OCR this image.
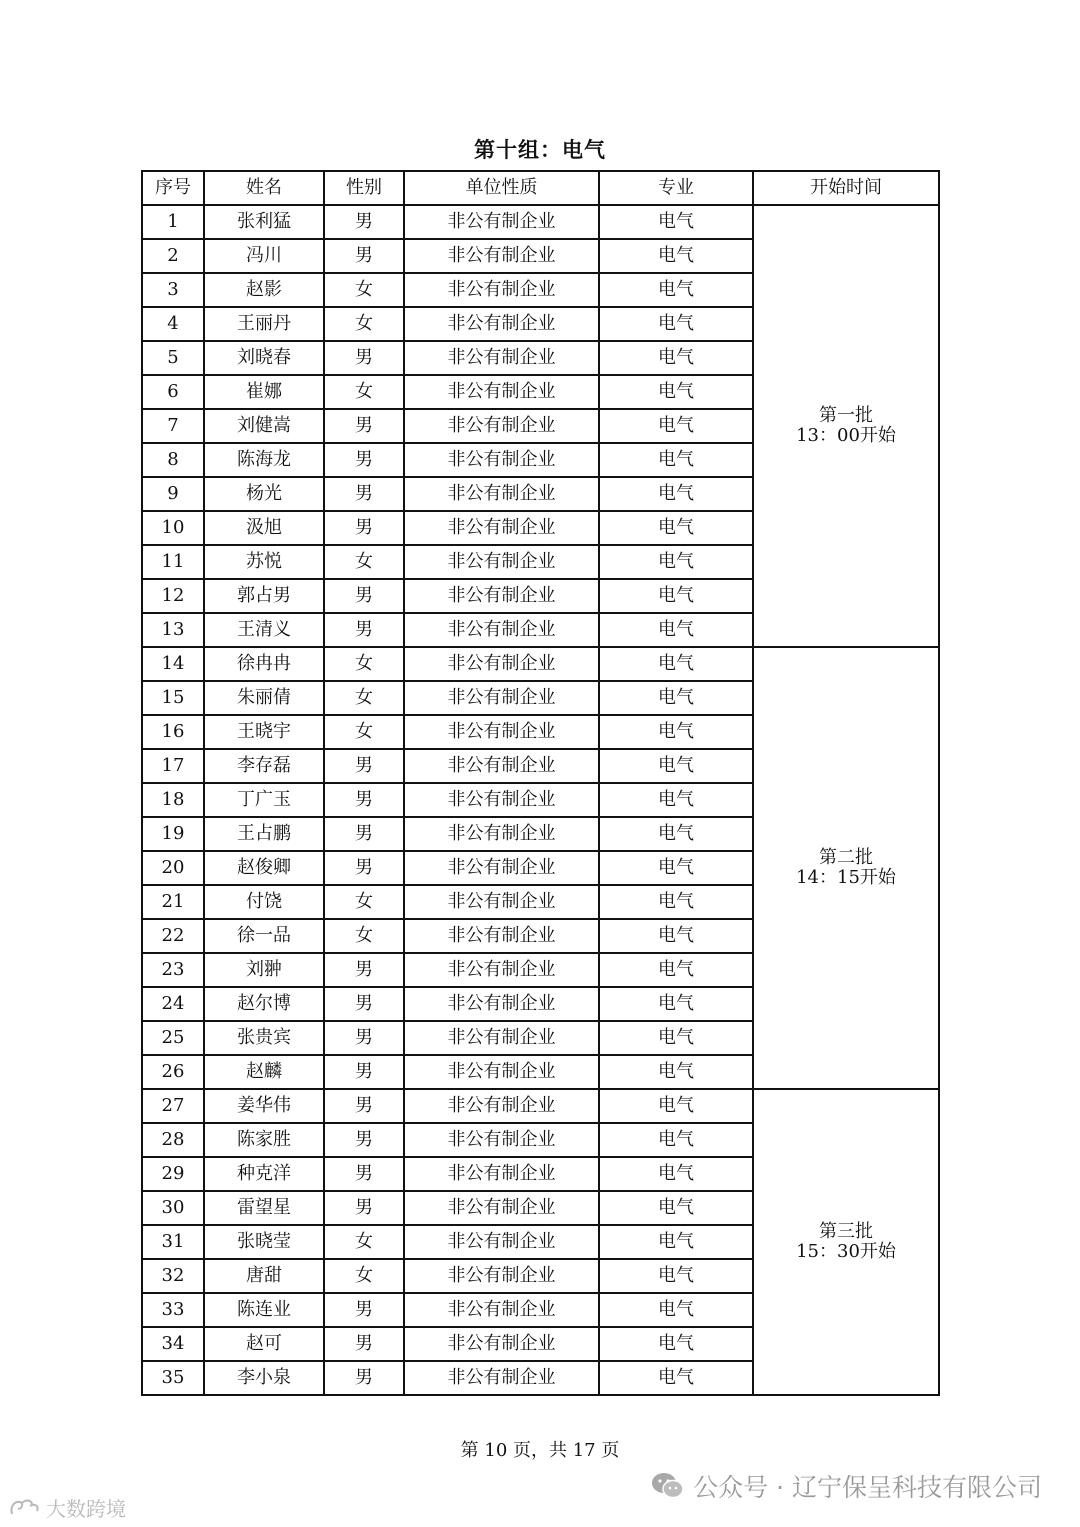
第十组：电气
序号	姓名	性别	单位性质	专业	开始时间
1	张利猛	男	非公有制企业	电气	第一批
13：00开始

2	冯川	男	非公有制企业	电气	
3	赵影	女	非公有制企业	电气	
4	王丽丹	女	非公有制企业	电气	
5	刘晓春	男	非公有制企业	电气	
6	崔娜	女	非公有制企业	电气	
7	刘健嵩	男	非公有制企业	电气	
8	陈海龙	男	非公有制企业	电气	
9	杨光	男	非公有制企业	电气	
10	汲旭	男	非公有制企业	电气	
11	苏悦	女	非公有制企业	电气	
12	郭占男	男	非公有制企业	电气	
13	王清义	男	非公有制企业	电气	
14	徐冉冉	女	非公有制企业	电气	第二批
14：15开始

15	朱丽倩	女	非公有制企业	电气	
16	王晓宇	女	非公有制企业	电气	
17	李存磊	男	非公有制企业	电气	
18	丁广玉	男	非公有制企业	电气	
19	王占鹏	男	非公有制企业	电气	
20	赵俊卿	男	非公有制企业	电气	
21	付饶	女	非公有制企业	电气	
22	徐一品	女	非公有制企业	电气	
23	刘翀	男	非公有制企业	电气	
24	赵尔博	男	非公有制企业	电气	
25	张贵宾	男	非公有制企业	电气	
26	赵麟	男	非公有制企业	电气	
27	姜华伟	男	非公有制企业	电气	第三批
15：30开始

28	陈家胜	男	非公有制企业	电气	
29	种克洋	男	非公有制企业	电气	
30	雷望星	男	非公有制企业	电气	
31	张晓莹	女	非公有制企业	电气	
32	唐甜	女	非公有制企业	电气	
33	陈连业	男	非公有制企业	电气	
34	赵可	男	非公有制企业	电气	
35	李小泉	男	非公有制企业	电气	
第 10 页，共 17 页
公众号 · 辽宁保呈科技有限公司
大数跨境
